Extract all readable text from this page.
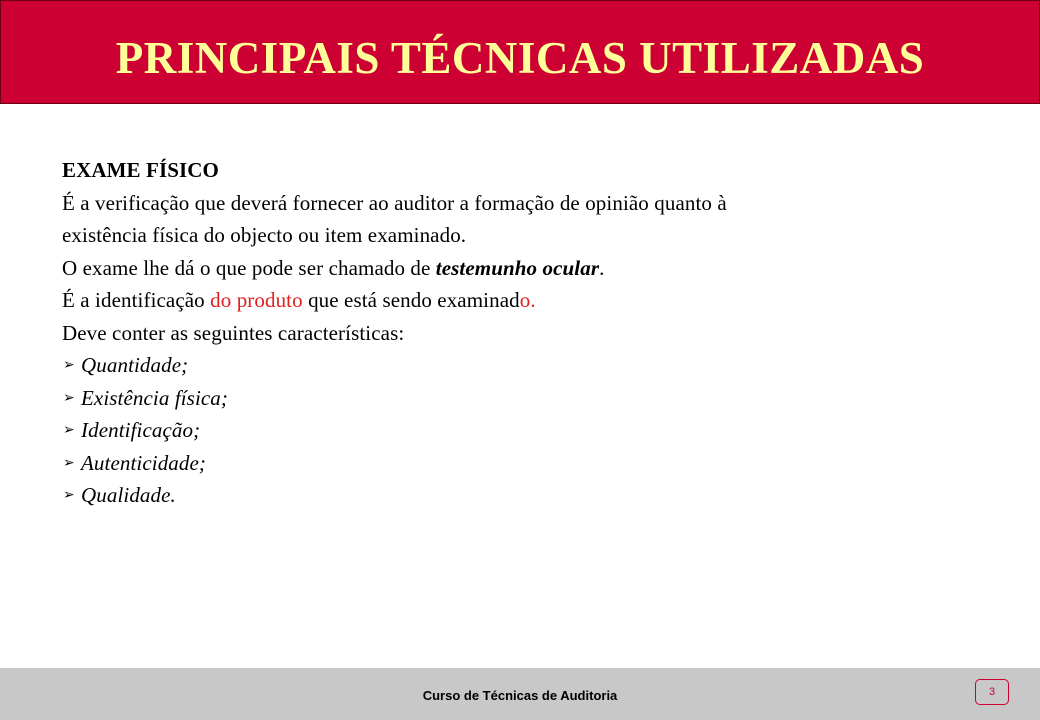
PRINCIPAIS TÉCNICAS UTILIZADAS
EXAME FÍSICO
É a verificação que deverá fornecer ao auditor a formação de opinião quanto à
existência física do objecto ou item examinado.
O exame lhe dá o que pode ser chamado de testemunho ocular.
É a identificação do produto que está sendo examinado.
Deve conter as seguintes características:
➢ Quantidade;
➢ Existência física;
➢ Identificação;
➢ Autenticidade;
➢ Qualidade.
Curso de Técnicas de Auditoria	3
